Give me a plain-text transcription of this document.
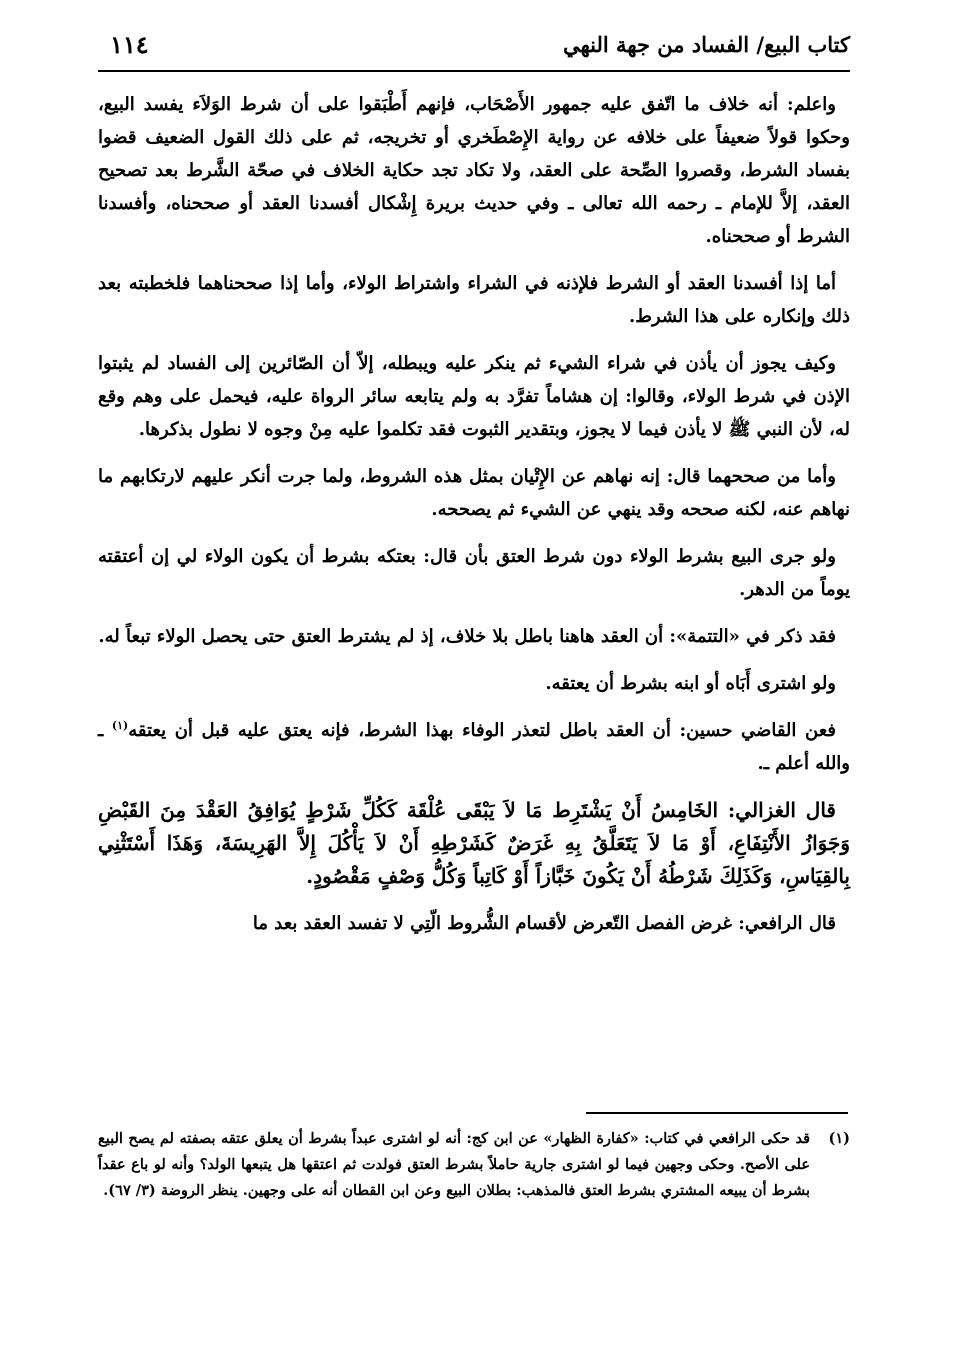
كتاب البيع/ الفساد من جهة النهي
١١٤

واعلم: أنه خلاف ما اتّفق عليه جمهور الأَصْحَاب، فإنهم أَطْبَقوا على أن شرط الوَلاَء يفسد البيع، وحكوا قولاً ضعيفاً على خلافه عن رواية الإِصْطَخري أو تخريجه، ثم على ذلك القول الضعيف قضوا بفساد الشرط، وقصروا الصِّحة على العقد، ولا تكاد تجد حكاية الخلاف في صحّة الشَّرط بعد تصحيح العقد، إلاَّ للإمام ـ رحمه الله تعالى ـ وفي حديث بريرة إِشْكال أفسدنا العقد أو صححناه، وأفسدنا الشرط أو صححناه.

أما إذا أفسدنا العقد أو الشرط فلإذنه في الشراء واشتراط الولاء، وأما إذا صححناهما فلخطبته بعد ذلك وإنكاره على هذا الشرط.

وكيف يجوز أن يأذن في شراء الشيء ثم ينكر عليه ويبطله، إلاّ أن الصّائرين إلى الفساد لم يثبتوا الإذن في شرط الولاء، وقالوا: إن هشاماً تفرَّد به ولم يتابعه سائر الرواة عليه، فيحمل على وهم وقع له، لأن النبي ﷺ لا يأذن فيما لا يجوز، وبتقدير الثبوت فقد تكلموا عليه مِنْ وجوه لا نطول بذكرها.

وأما من صححهما قال: إنه نهاهم عن الإِتْيان بمثل هذه الشروط، ولما جرت أنكر عليهم لارتكابهم ما نهاهم عنه، لكنه صححه وقد ينهي عن الشيء ثم يصححه.

ولو جرى البيع بشرط الولاء دون شرط العتق بأن قال: بعتكه بشرط أن يكون الولاء لي إن أعتقته يوماً من الدهر.

فقد ذكر في «التتمة»: أن العقد هاهنا باطل بلا خلاف، إذ لم يشترط العتق حتى يحصل الولاء تبعاً له.

ولو اشترى أَبَاه أو ابنه بشرط أن يعتقه.

فعن القاضي حسين: أن العقد باطل لتعذر الوفاء بهذا الشرط، فإنه يعتق عليه قبل أن يعتقه$^{(١)}$ ـ والله أعلم ـ.

قال الغزالي: الخَامِسُ أَنْ يَشْتَرِط مَا لاَ يَبْقَى عُلْقَة كَكُلِّ شَرْطٍ يُوَافِقُ العَقْدَ مِنَ القَبْضِ وَجَوَازُ الأَنْتِفَاعِ، أَوْ مَا لاَ يَتَعَلَّقُ بِهِ غَرَضٌ كَشَرْطِهِ أَنْ لاَ يَأْكُلَ إِلاَّ الهَرِيسَةَ، وَهَذَا أَسْتَثْنِي بِالقِيَاسِ، وَكَذَلِكَ شَرْطُهُ أَنْ يَكُونَ خَبَّازاً أَوْ كَاتِباً وَكُلُّ وَصْفٍ مَقْصُودٍ.

قال الرافعي: غرض الفصل التّعرض لأقسام الشُّروط الّتِي لا تفسد العقد بعد ما

(١)
قد حكى الرافعي في كتاب: «كفارة الظهار» عن ابن كج: أنه لو اشترى عبداً بشرط أن يعلق عتقه بصفته لم يصح البيع على الأصح. وحكى وجهين فيما لو اشترى جارية حاملاً بشرط العتق فولدت ثم اعتقها هل يتبعها الولد؟ وأنه لو باع عقداً بشرط أن يبيعه المشتري بشرط العتق فالمذهب: بطلان البيع وعن ابن القطان أنه على وجهين. ينظر الروضة (٣/ ٦٧).
